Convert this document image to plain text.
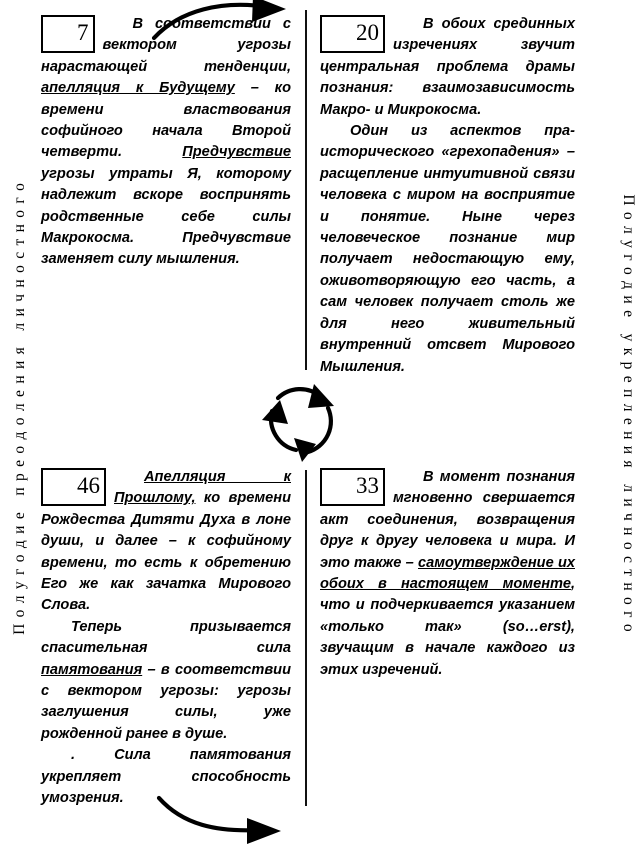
Полугодие преодоления личностного
Полугодие укрепления личностного

7	В соответствии с вектором угрозы нарастающей тенденции, апелляция к Будущему – ко времени властвования софийного начала Второй четверти. Предчувствие угрозы утраты Я, которому надлежит вскоре воспринять родственные себе силы Макрокосма. Предчувствие заменяет силу мышления.

20	В обоих срединных изречениях звучит центральная проблема драмы познания: взаимозависимость Макро- и Микрокосма.

Один из аспектов пра-исторического «грехопадения» – расщепление интуитивной связи человека с миром на восприятие и понятие. Ныне через человеческое познание мир получает недостающую ему, оживотворяющую его часть, а сам человек получает столь же для него живительный внутренний отсвет Мирового Мышления.

46	Апелляция к Прошлому, ко времени Рождества Дитяти Духа в лоне души, и далее – к софийному времени, то есть к обретению Его же как зачатка Мирового Слова.

Теперь призывается спасительная сила памятования – в соответствии с вектором угрозы: угрозы заглушения силы, уже рожденной ранее в душе.

. Сила памятования укрепляет способность умозрения.

33	В момент познания мгновенно свершается акт соединения, возвращения друг к другу человека и мира. И это также – самоутверждение их обоих в настоящем моменте, что и подчеркивается указанием «только так» (so…erst), звучащим в начале каждого из этих изречений.
